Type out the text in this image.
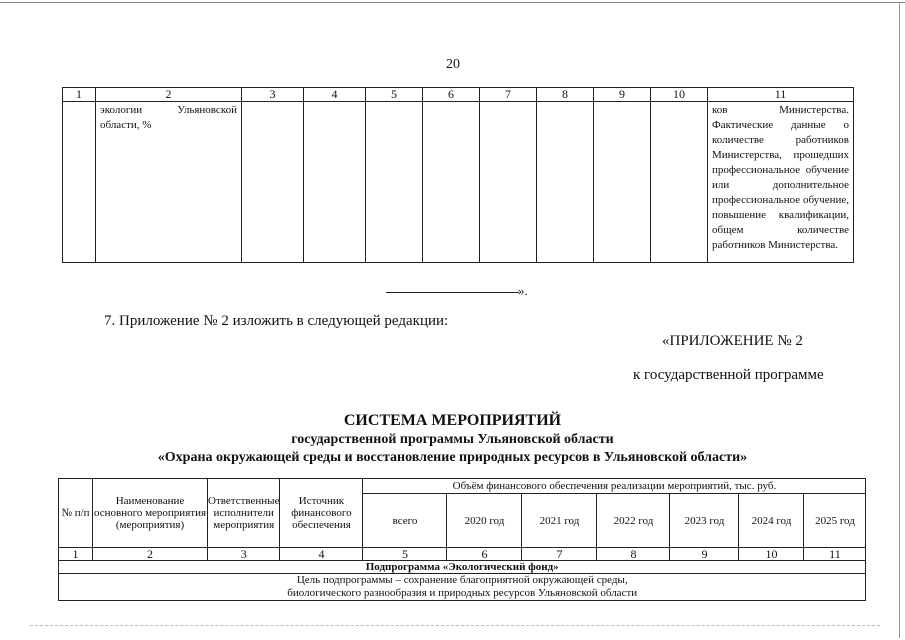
20
1	2	3	4	5	6	7	8	9	10	11

	экологии Ульяновской области, %									ков Министерства. Фактические данные о количестве работников Министерства, прошедших профессиональное обучение или дополнительное профессиональное обучение, повышение квалификации, общем количестве работников Министерства.
».
7. Приложение № 2 изложить в следующей редакции:
«ПРИЛОЖЕНИЕ № 2
к государственной программе
СИСТЕМА МЕРОПРИЯТИЙ
государственной программы Ульяновской области
«Охрана окружающей среды и восстановление природных ресурсов в Ульяновской области»
№ п/п	Наименование основного мероприятия (мероприятия)	Ответственные исполнители мероприятия	Источник финансового обеспечения	Объём финансового обеспечения реализации мероприятий, тыс. руб.						
				всего	2020 год	2021 год	2022 год	2023 год	2024 год	2025 год
1	2	3	4	5	6	7	8	9	10	11
Подпрограмма «Экологический фонд»										

Цель подпрограммы – сохранение благоприятной окружающей среды,
биологического разнообразия и природных ресурсов Ульяновской области										
